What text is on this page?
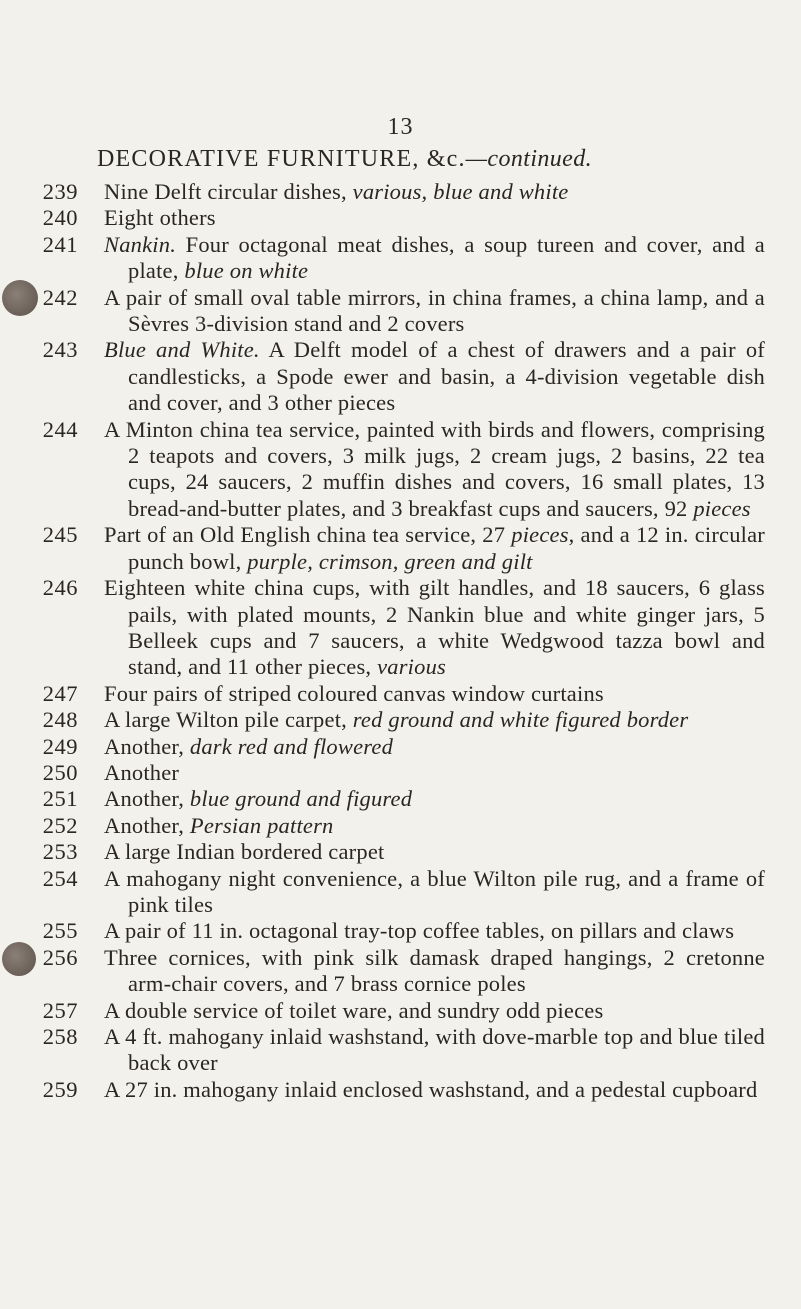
13
DECORATIVE FURNITURE, &c.—continued.
239 Nine Delft circular dishes, various, blue and white
240 Eight others
241 Nankin. Four octagonal meat dishes, a soup tureen and cover, and a plate, blue on white
242 A pair of small oval table mirrors, in china frames, a china lamp, and a Sèvres 3-division stand and 2 covers
243 Blue and White. A Delft model of a chest of drawers and a pair of candlesticks, a Spode ewer and basin, a 4-division vegetable dish and cover, and 3 other pieces
244 A Minton china tea service, painted with birds and flowers, comprising 2 teapots and covers, 3 milk jugs, 2 cream jugs, 2 basins, 22 tea cups, 24 saucers, 2 muffin dishes and covers, 16 small plates, 13 bread-and-butter plates, and 3 breakfast cups and saucers, 92 pieces
245 Part of an Old English china tea service, 27 pieces, and a 12 in. circular punch bowl, purple, crimson, green and gilt
246 Eighteen white china cups, with gilt handles, and 18 saucers, 6 glass pails, with plated mounts, 2 Nankin blue and white ginger jars, 5 Belleek cups and 7 saucers, a white Wedgwood tazza bowl and stand, and 11 other pieces, various
247 Four pairs of striped coloured canvas window curtains
248 A large Wilton pile carpet, red ground and white figured border
249 Another, dark red and flowered
250 Another
251 Another, blue ground and figured
252 Another, Persian pattern
253 A large Indian bordered carpet
254 A mahogany night convenience, a blue Wilton pile rug, and a frame of pink tiles
255 A pair of 11 in. octagonal tray-top coffee tables, on pillars and claws
256 Three cornices, with pink silk damask draped hangings, 2 cretonne arm-chair covers, and 7 brass cornice poles
257 A double service of toilet ware, and sundry odd pieces
258 A 4 ft. mahogany inlaid washstand, with dove-marble top and blue tiled back over
259 A 27 in. mahogany inlaid enclosed washstand, and a pedestal cupboard
